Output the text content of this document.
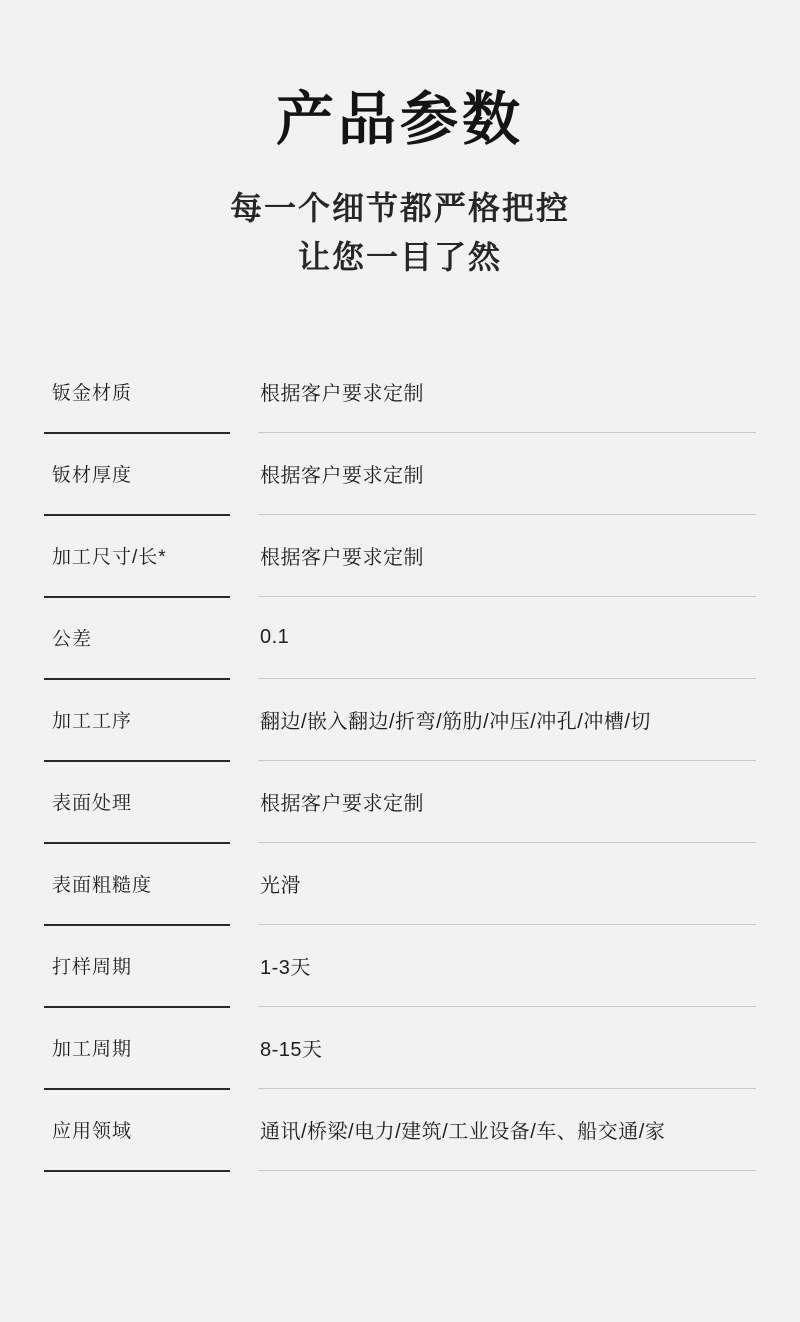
产品参数

每一个细节都严格把控

让您一目了然

钣金材质		根据客户要求定制
钣材厚度		根据客户要求定制
加工尺寸/长*		根据客户要求定制
公差		0.1
加工工序		翻边/嵌入翻边/折弯/筋肋/冲压/冲孔/冲槽/切
表面处理		根据客户要求定制
表面粗糙度		光滑
打样周期		1-3天
加工周期		8-15天
应用领域		通讯/桥梁/电力/建筑/工业设备/车、船交通/家
